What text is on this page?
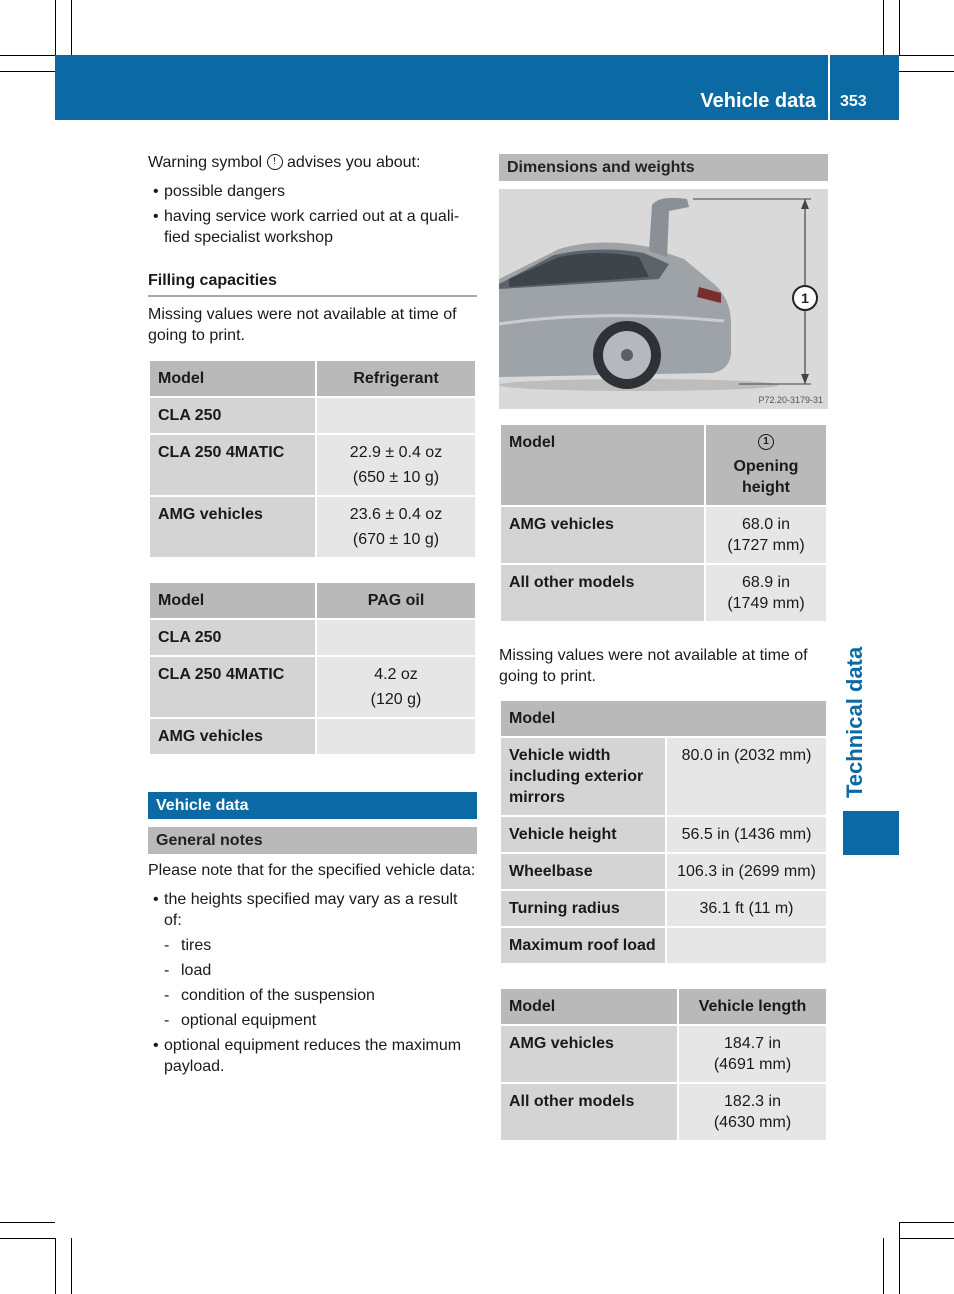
Vehicle data 353
Technical data

Warning symbol ! advises you about:

• possible dangers
• having service work carried out at a quali-fied specialist workshop
Filling capacities

Missing values were not available at time of going to print.

Model	Refrigerant
CLA 250	
CLA 250 4MATIC	22.9 ± 0.4 oz
(650 ± 10 g)

AMG vehicles	23.6 ± 0.4 oz
(670 ± 10 g)
Model	PAG oil
CLA 250	
CLA 250 4MATIC	4.2 oz
(120 g)

AMG vehicles	
Vehicle data
General notes

Please note that for the specified vehicle data:

• the heights specified may vary as a result of:
- tires
- load
- condition of the suspension
- optional equipment
• optional equipment reduces the maximum payload.
Dimensions and weights
1
P72.20-3179-31
Model	1
Opening height

AMG vehicles	68.0 in
(1727 mm)

All other models	68.9 in
(1749 mm)

Missing values were not available at time of going to print.

Model	
Vehicle width including exterior mirrors	80.0 in (2032 mm)
Vehicle height	56.5 in (1436 mm)
Wheelbase	106.3 in (2699 mm)
Turning radius	36.1 ft (11 m)
Maximum roof load	
Model	Vehicle length
AMG vehicles	184.7 in
(4691 mm)

All other models	182.3 in
(4630 mm)
